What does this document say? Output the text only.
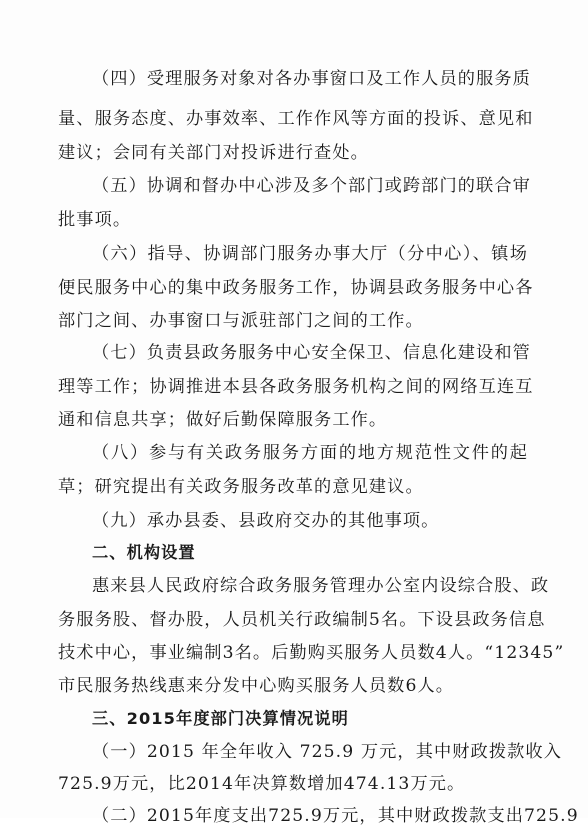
（四）受理服务对象对各办事窗口及工作人员的服务质
量、服务态度、办事效率、工作作风等方面的投诉、意见和
建议；会同有关部门对投诉进行查处。
（五）协调和督办中心涉及多个部门或跨部门的联合审
批事项。
（六）指导、协调部门服务办事大厅（分中心）、镇场
便民服务中心的集中政务服务工作，协调县政务服务中心各
部门之间、办事窗口与派驻部门之间的工作。
（七）负责县政务服务中心安全保卫、信息化建设和管
理等工作；协调推进本县各政务服务机构之间的网络互连互
通和信息共享；做好后勤保障服务工作。
（八）参与有关政务服务方面的地方规范性文件的起
草；研究提出有关政务服务改革的意见建议。
（九）承办县委、县政府交办的其他事项。
二、机构设置
惠来县人民政府综合政务服务管理办公室内设综合股、政
务服务股、督办股，人员机关行政编制5名。下设县政务信息
技术中心，事业编制3名。后勤购买服务人员数4人。“12345”
市民服务热线惠来分发中心购买服务人员数6人。
三、2015年度部门决算情况说明
（一）2015 年全年收入 725.9 万元，其中财政拨款收入
725.9万元，比2014年决算数增加474.13万元。
（二）2015年度支出725.9万元，其中财政拨款支出725.9
